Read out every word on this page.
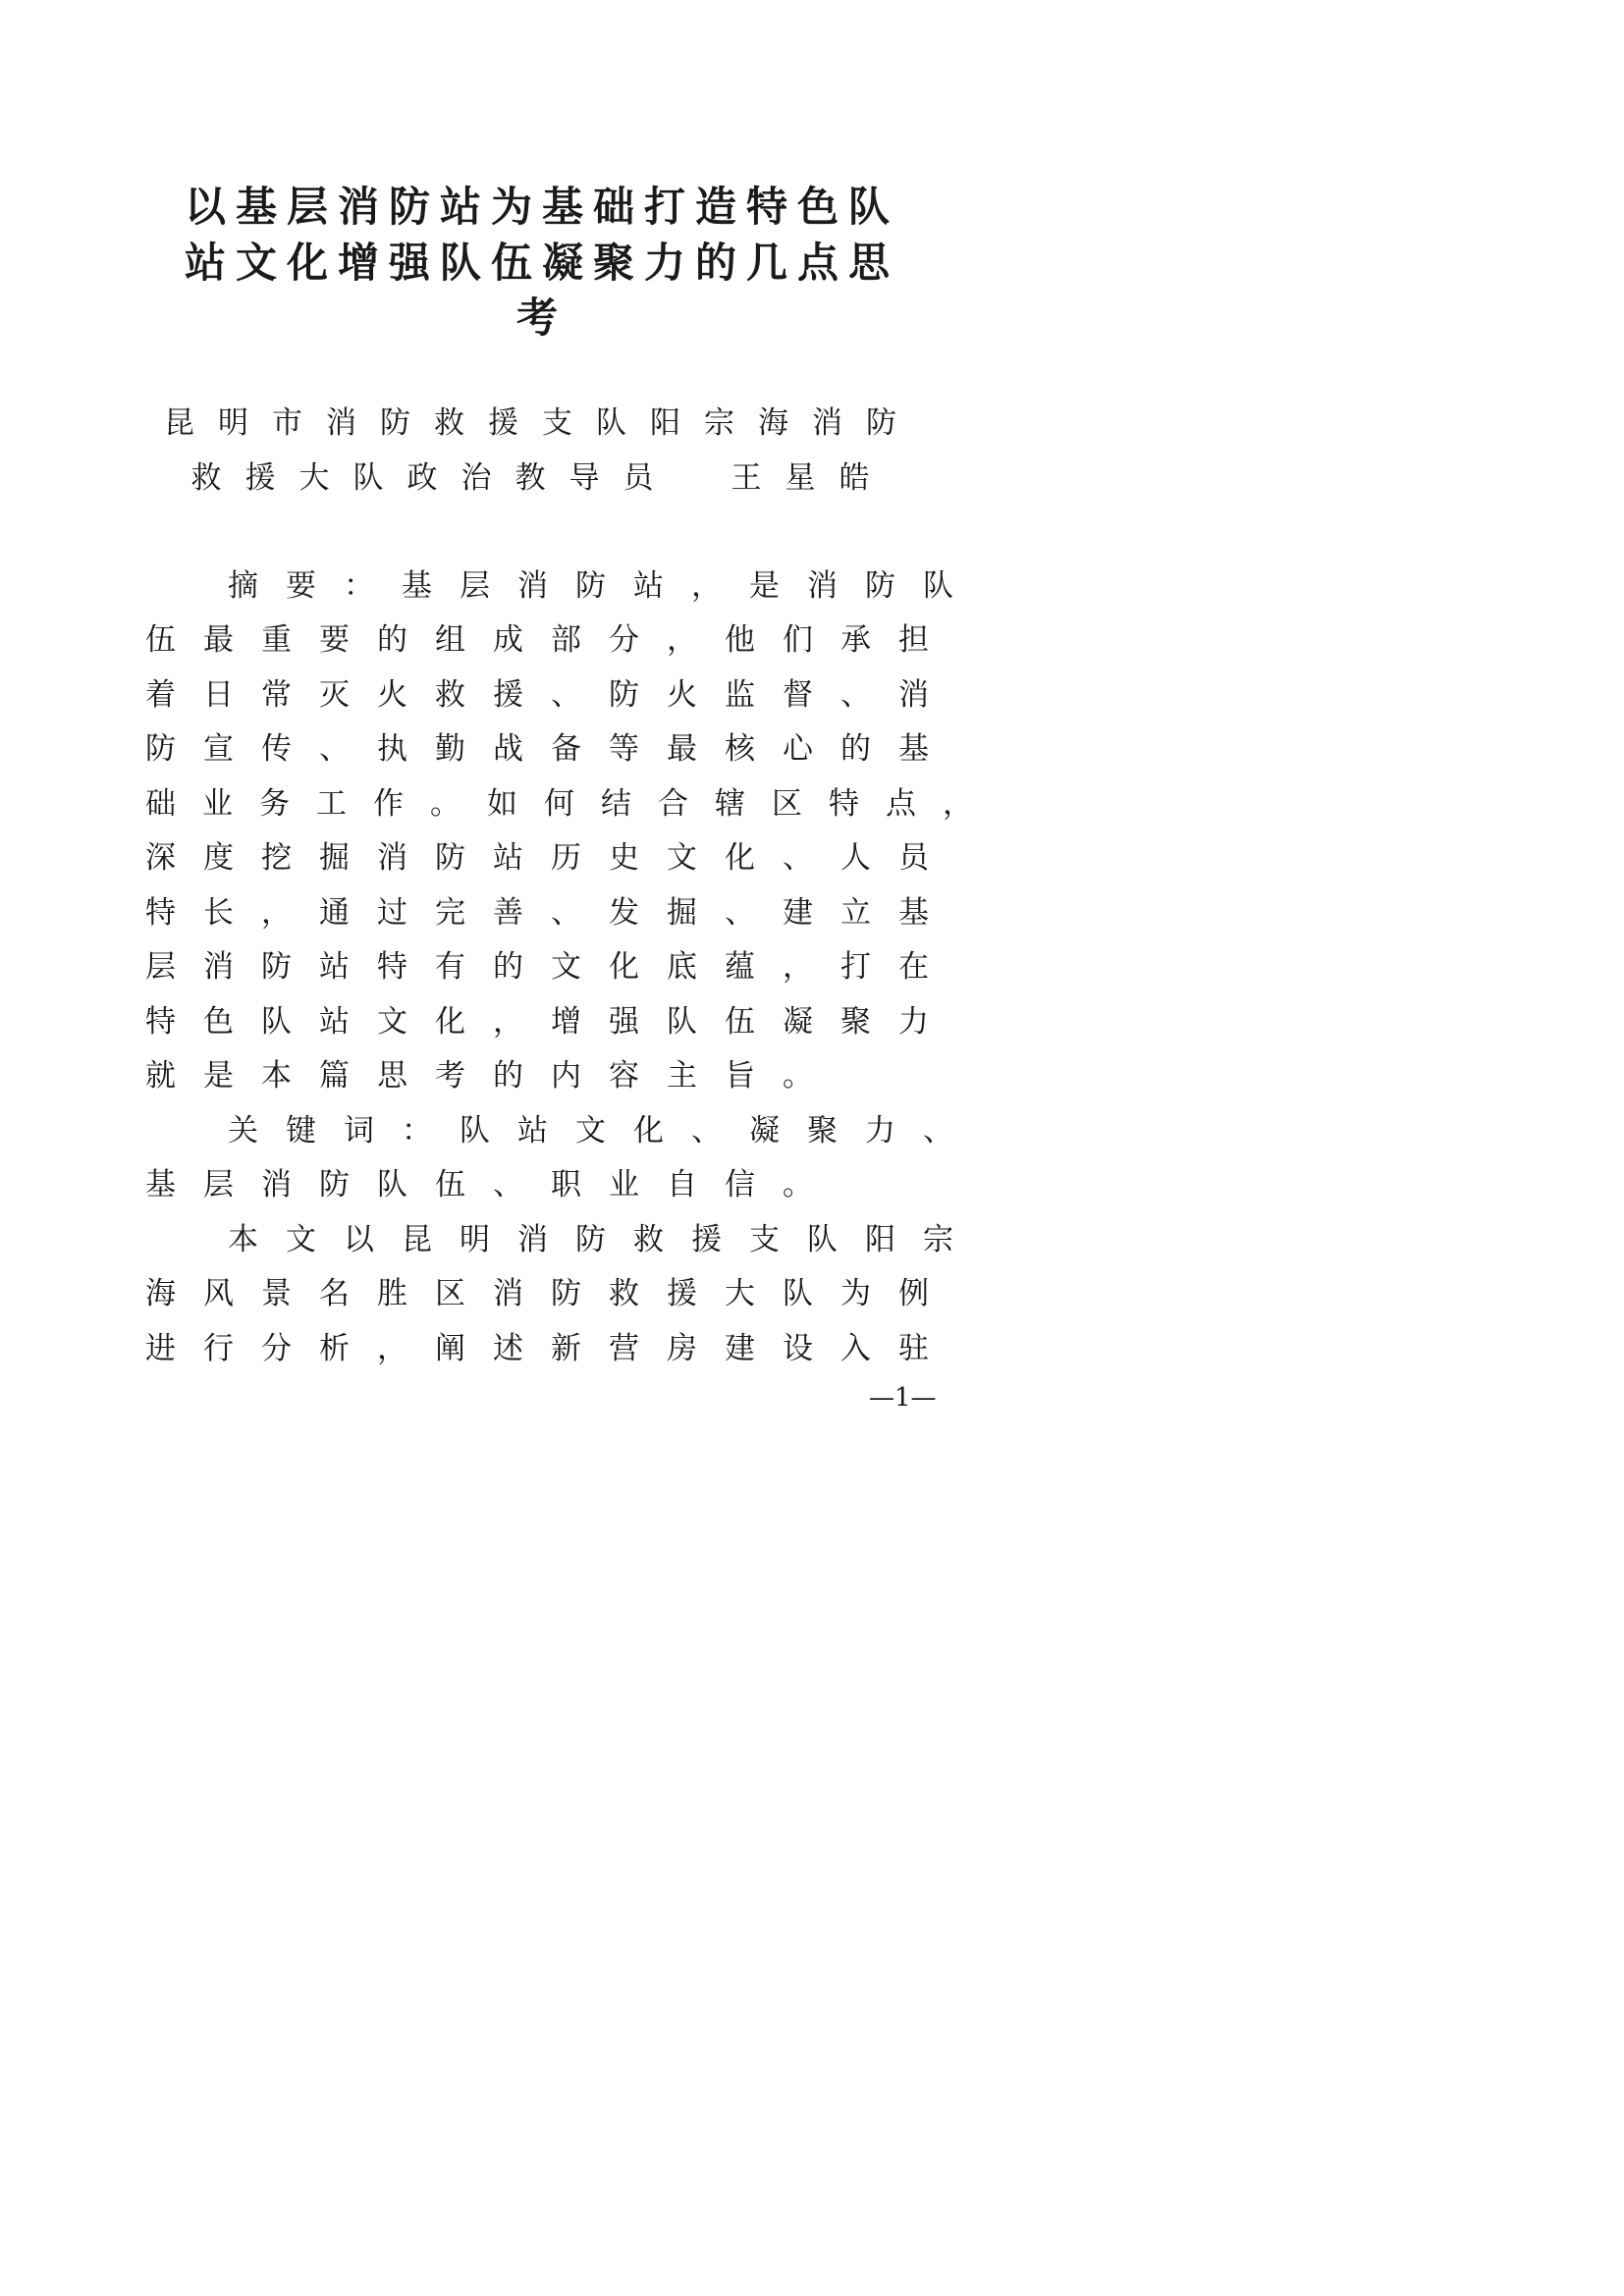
以基层消防站为基础打造特色队
站文化增强队伍凝聚力的几点思
考
昆明市消防救援支队阳宗海消防
救援大队政治教导员　王星皓
摘要：基层消防站，是消防队
伍最重要的组成部分，他们承担
着日常灭火救援、防火监督、消
防宣传、执勤战备等最核心的基
础业务工作。如何结合辖区特点，
深度挖掘消防站历史文化、人员
特长，通过完善、发掘、建立基
层消防站特有的文化底蕴，打在
特色队站文化，增强队伍凝聚力
就是本篇思考的内容主旨。
关键词：队站文化、凝聚力、
基层消防队伍、职业自信。
本文以昆明消防救援支队阳宗
海风景名胜区消防救援大队为例
进行分析，阐述新营房建设入驻
—1—
